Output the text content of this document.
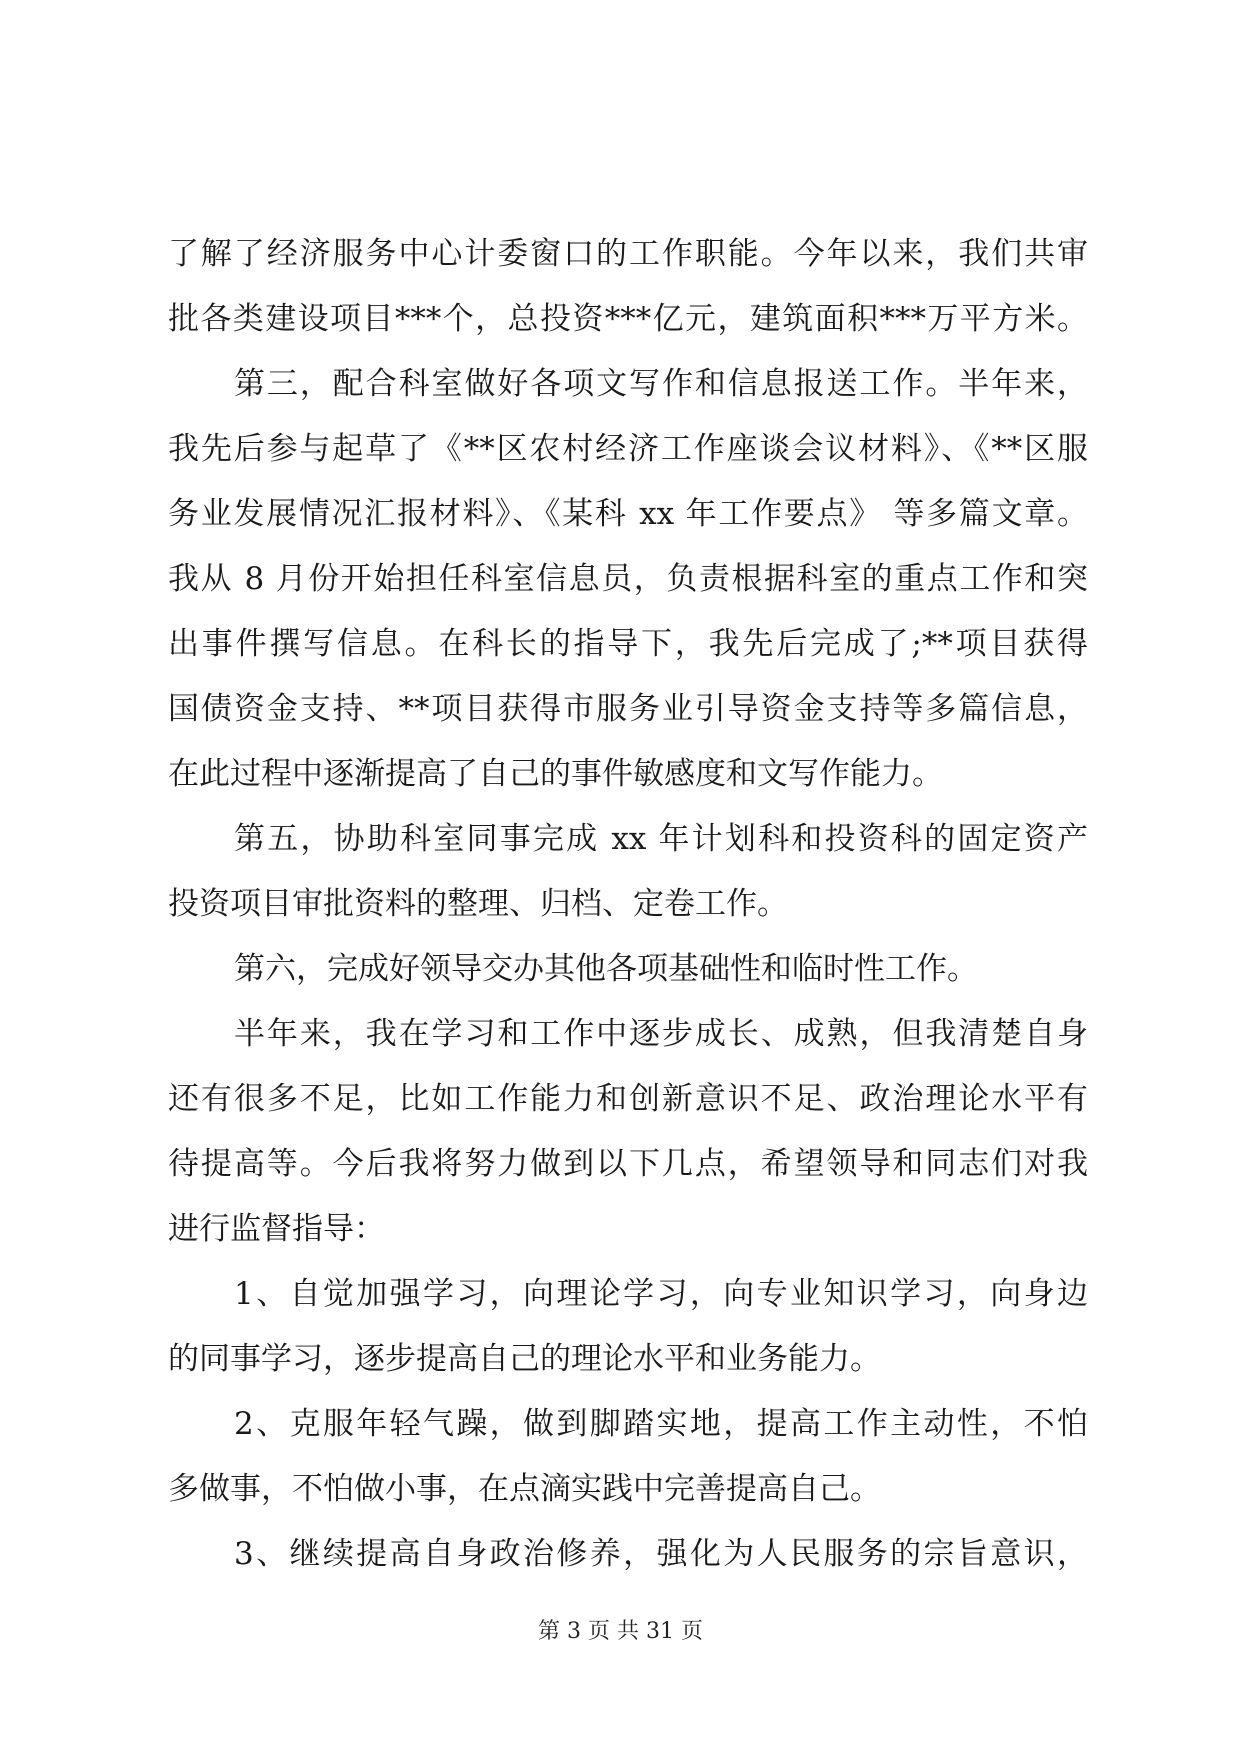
了解了经济服务中心计委窗口的工作职能。今年以来，我们共审
批各类建设项目***个，总投资***亿元，建筑面积***万平方米。
第三，配合科室做好各项文写作和信息报送工作。半年来，
我先后参与起草了《**区农村经济工作座谈会议材料》、《**区服
务业发展情况汇报材料》、《某科 xx 年工作要点》 等多篇文章。
我从 8 月份开始担任科室信息员，负责根据科室的重点工作和突
出事件撰写信息。在科长的指导下，我先后完成了;**项目获得
国债资金支持、**项目获得市服务业引导资金支持等多篇信息，
在此过程中逐渐提高了自己的事件敏感度和文写作能力。
第五，协助科室同事完成 xx 年计划科和投资科的固定资产
投资项目审批资料的整理、归档、定卷工作。
第六，完成好领导交办其他各项基础性和临时性工作。
半年来，我在学习和工作中逐步成长、成熟，但我清楚自身
还有很多不足，比如工作能力和创新意识不足、政治理论水平有
待提高等。今后我将努力做到以下几点，希望领导和同志们对我
进行监督指导：
1、自觉加强学习，向理论学习，向专业知识学习，向身边
的同事学习，逐步提高自己的理论水平和业务能力。
2、克服年轻气躁，做到脚踏实地，提高工作主动性，不怕
多做事，不怕做小事，在点滴实践中完善提高自己。
3、继续提高自身政治修养，强化为人民服务的宗旨意识，
第 3 页 共 31 页
